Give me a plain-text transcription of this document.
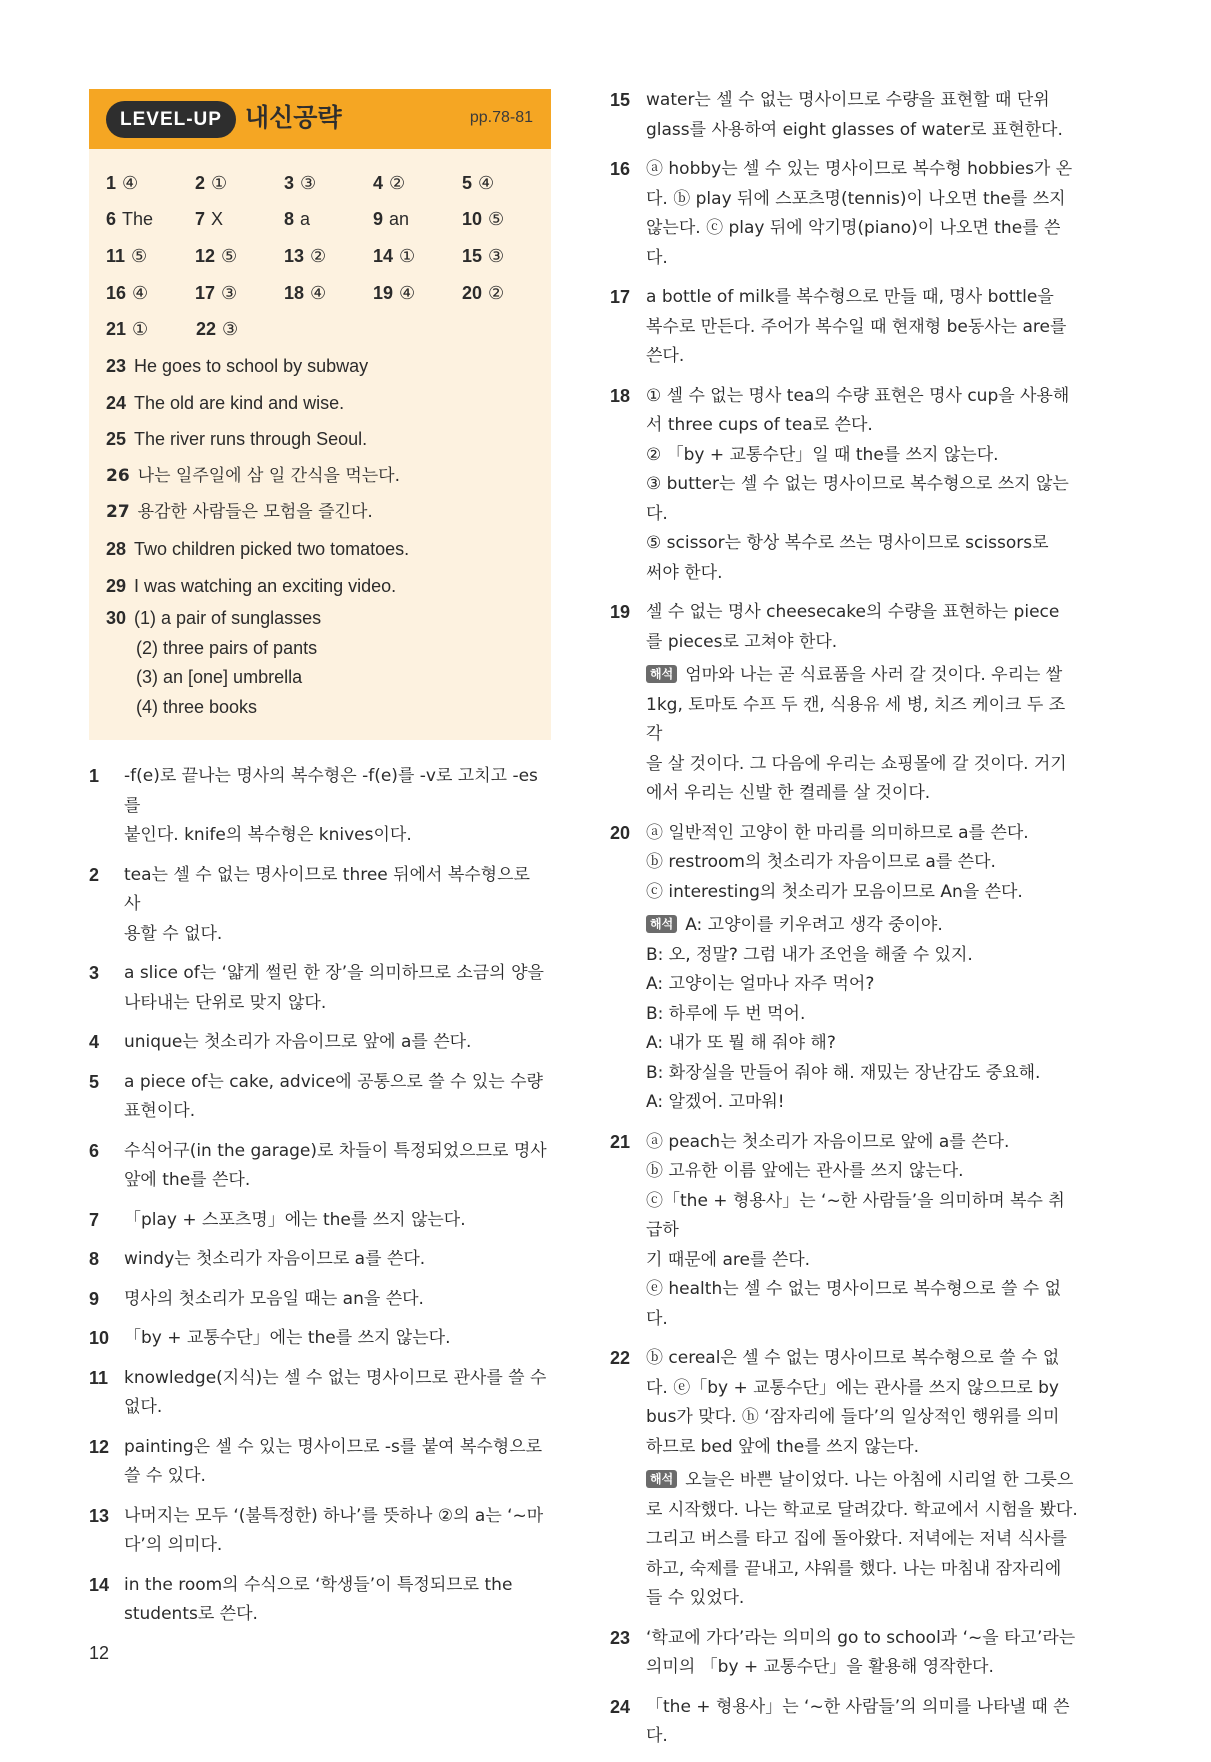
LEVEL-UP 내신공략	pp.78-81
1 ④	2 ①	3 ③	4 ②	5 ④
6 The	7 X	8 a	9 an	10 ⑤
11 ⑤	12 ⑤	13 ②	14 ①	15 ③
16 ④	17 ③	18 ④	19 ④	20 ②
21 ①	22 ③
23 He goes to school by subway
24 The old are kind and wise.
25 The river runs through Seoul.
26 나는 일주일에 삼 일 간식을 먹는다.
27 용감한 사람들은 모험을 즐긴다.
28 Two children picked two tomatoes.
29 I was watching an exciting video.
30 (1) a pair of sunglasses
(2) three pairs of pants
(3) an [one] umbrella
(4) three books
1	-f(e)로 끝나는 명사의 복수형은 -f(e)를 -v로 고치고 -es를
붙인다. knife의 복수형은 knives이다.
2	tea는 셀 수 없는 명사이므로 three 뒤에서 복수형으로 사
용할 수 없다.
3	a slice of는 ‘얇게 썰린 한 장’을 의미하므로 소금의 양을
나타내는 단위로 맞지 않다.
4	unique는 첫소리가 자음이므로 앞에 a를 쓴다.
5	a piece of는 cake, advice에 공통으로 쓸 수 있는 수량
표현이다.
6	수식어구(in the garage)로 차들이 특정되었으므로 명사
앞에 the를 쓴다.
7	「play + 스포츠명」에는 the를 쓰지 않는다.
8	windy는 첫소리가 자음이므로 a를 쓴다.
9	명사의 첫소리가 모음일 때는 an을 쓴다.
10 「by + 교통수단」에는 the를 쓰지 않는다.
11 knowledge(지식)는 셀 수 없는 명사이므로 관사를 쓸 수
없다.
12 painting은 셀 수 있는 명사이므로 -s를 붙여 복수형으로
쓸 수 있다.
13 나머지는 모두 ‘(불특정한) 하나’를 뜻하나 ②의 a는 ‘~마
다’의 의미다.
14 in the room의 수식으로 ‘학생들’이 특정되므로 the
students로 쓴다.
15 water는 셀 수 없는 명사이므로 수량을 표현할 때 단위
glass를 사용하여 eight glasses of water로 표현한다.
16 ⓐ hobby는 셀 수 있는 명사이므로 복수형 hobbies가 온
다. ⓑ play 뒤에 스포츠명(tennis)이 나오면 the를 쓰지
않는다. ⓒ play 뒤에 악기명(piano)이 나오면 the를 쓴다.
17 a bottle of milk를 복수형으로 만들 때, 명사 bottle을
복수로 만든다. 주어가 복수일 때 현재형 be동사는 are를
쓴다.
18 ① 셀 수 없는 명사 tea의 수량 표현은 명사 cup을 사용해
서 three cups of tea로 쓴다.
② 「by + 교통수단」일 때 the를 쓰지 않는다.
③ butter는 셀 수 없는 명사이므로 복수형으로 쓰지 않는다.
⑤ scissor는 항상 복수로 쓰는 명사이므로 scissors로
써야 한다.
19 셀 수 없는 명사 cheesecake의 수량을 표현하는 piece
를 pieces로 고쳐야 한다.
해석 엄마와 나는 곧 식료품을 사러 갈 것이다. 우리는 쌀
1kg, 토마토 수프 두 캔, 식용유 세 병, 치즈 케이크 두 조각
을 살 것이다. 그 다음에 우리는 쇼핑몰에 갈 것이다. 거기
에서 우리는 신발 한 켤레를 살 것이다.
20 ⓐ 일반적인 고양이 한 마리를 의미하므로 a를 쓴다.
ⓑ restroom의 첫소리가 자음이므로 a를 쓴다.
ⓒ interesting의 첫소리가 모음이므로 An을 쓴다.
해석 A: 고양이를 키우려고 생각 중이야.
B: 오, 정말? 그럼 내가 조언을 해줄 수 있지.
A: 고양이는 얼마나 자주 먹어?
B: 하루에 두 번 먹어.
A: 내가 또 뭘 해 줘야 해?
B: 화장실을 만들어 줘야 해. 재밌는 장난감도 중요해.
A: 알겠어. 고마워!
21 ⓐ peach는 첫소리가 자음이므로 앞에 a를 쓴다.
ⓑ 고유한 이름 앞에는 관사를 쓰지 않는다.
ⓒ「the + 형용사」는 ‘~한 사람들’을 의미하며 복수 취급하
기 때문에 are를 쓴다.
ⓔ health는 셀 수 없는 명사이므로 복수형으로 쓸 수 없다.
22 ⓑ cereal은 셀 수 없는 명사이므로 복수형으로 쓸 수 없
다. ⓔ「by + 교통수단」에는 관사를 쓰지 않으므로 by
bus가 맞다. ⓗ ‘잠자리에 들다’의 일상적인 행위를 의미
하므로 bed 앞에 the를 쓰지 않는다.
해석 오늘은 바쁜 날이었다. 나는 아침에 시리얼 한 그릇으
로 시작했다. 나는 학교로 달려갔다. 학교에서 시험을 봤다.
그리고 버스를 타고 집에 돌아왔다. 저녁에는 저녁 식사를
하고, 숙제를 끝내고, 샤워를 했다. 나는 마침내 잠자리에
들 수 있었다.
23 ‘학교에 가다’라는 의미의 go to school과 ‘~을 타고’라는
의미의 「by + 교통수단」을 활용해 영작한다.
24 「the + 형용사」는 ‘~한 사람들’의 의미를 나타낼 때 쓴다.
12
